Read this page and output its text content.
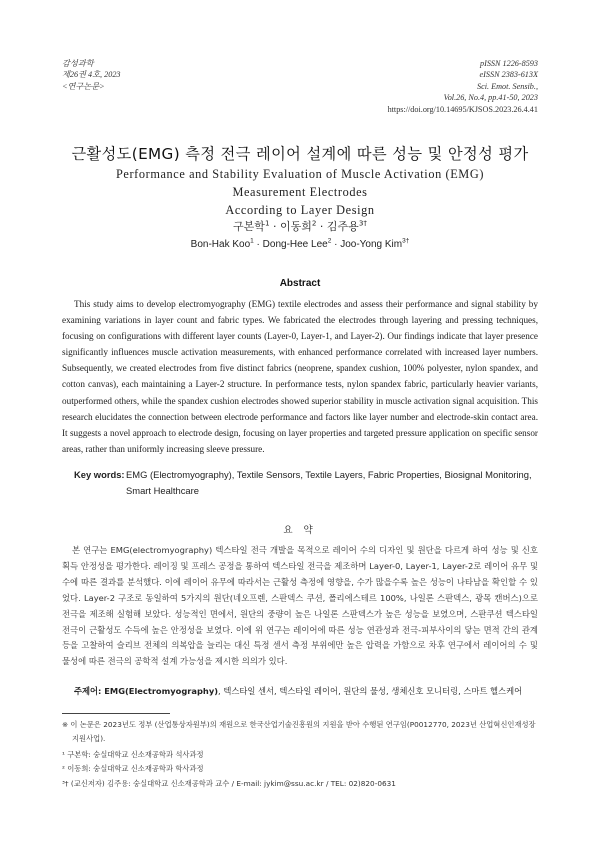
감성과학
제26권 4호, 2023
<연구논문>
pISSN 1226-8593
eISSN 2383-613X
Sci. Emot. Sensib.,
Vol.26, No.4, pp.41-50, 2023
https://doi.org/10.14695/KJSOS.2023.26.4.41
근활성도(EMG) 측정 전극 레이어 설계에 따른 성능 및 안정성 평가
Performance and Stability Evaluation of Muscle Activation (EMG) Measurement Electrodes
According to Layer Design
구본학$^1$ · 이동희$^2$ · 김주용$^{3\dagger}$
Bon-Hak Koo$^1$ · Dong-Hee Lee$^2$ · Joo-Yong Kim$^{3\dagger}$
Abstract

This study aims to develop electromyography (EMG) textile electrodes and assess their performance and signal stability by examining variations in layer count and fabric types. We fabricated the electrodes through layering and pressing techniques, focusing on configurations with different layer counts (Layer-0, Layer-1, and Layer-2). Our findings indicate that layer presence significantly influences muscle activation measurements, with enhanced performance correlated with increased layer numbers. Subsequently, we created electrodes from five distinct fabrics (neoprene, spandex cushion, 100% polyester, nylon spandex, and cotton canvas), each maintaining a Layer-2 structure. In performance tests, nylon spandex fabric, particularly heavier variants, outperformed others, while the spandex cushion electrodes showed superior stability in muscle activation signal acquisition. This research elucidates the connection between electrode performance and factors like layer number and electrode-skin contact area. It suggests a novel approach to electrode design, focusing on layer properties and targeted pressure application on specific sensor areas, rather than uniformly increasing sleeve pressure.

Key words: EMG (Electromyography), Textile Sensors, Textile Layers, Fabric Properties, Biosignal Monitoring, Smart Healthcare
요 약

본 연구는 EMG(electromyography) 텍스타일 전극 개발을 목적으로 레이어 수의 디자인 및 원단을 다르게 하여 성능 및 신호 획득 안정성을 평가한다. 레이징 및 프레스 공정을 통하여 텍스타일 전극을 제조하며 Layer-0, Layer-1, Layer-2로 레이어 유무 및 수에 따른 결과를 분석했다. 이에 레이어 유무에 따라서는 근활성 측정에 영향을, 수가 많을수록 높은 성능이 나타남을 확인할 수 있었다. Layer-2 구조로 동일하여 5가지의 원단(네오프렌, 스판덱스 쿠션, 폴리에스테르 100%, 나일론 스판덱스, 광목 캔버스)으로 전극을 제조해 실험해 보았다. 성능적인 면에서, 원단의 중량이 높은 나일론 스판덱스가 높은 성능을 보였으며, 스판쿠션 텍스타일 전극이 근활성도 수득에 높은 안정성을 보였다. 이에 위 연구는 레이어에 따른 성능 연관성과 전극-피부사이의 닿는 면적 간의 관계 등을 고찰하여 슬리브 전체의 의복압을 늘리는 대신 특정 센서 측정 부위에만 높은 압력을 가함으로 차후 연구에서 레이어의 수 및 물성에 따른 전극의 공학적 설계 가능성을 제시한 의의가 있다.

주제어: EMG(Electromyography), 텍스타일 센서, 텍스타일 레이어, 원단의 물성, 생체신호 모니터링, 스마트 헬스케어
※ 이 논문은 2023년도 정부 (산업통상자원부)의 재원으로 한국산업기술진흥원의 지원을 받아 수행된 연구임(P0012770, 2023년 산업혁신인재성장지원사업).
¹ 구본학: 숭실대학교 신소재공학과 석사과정
² 이동희: 숭실대학교 신소재공학과 학사과정
³† (교신저자) 김주용: 숭실대학교 신소재공학과 교수 / E-mail: jykim@ssu.ac.kr / TEL: 02)820-0631
